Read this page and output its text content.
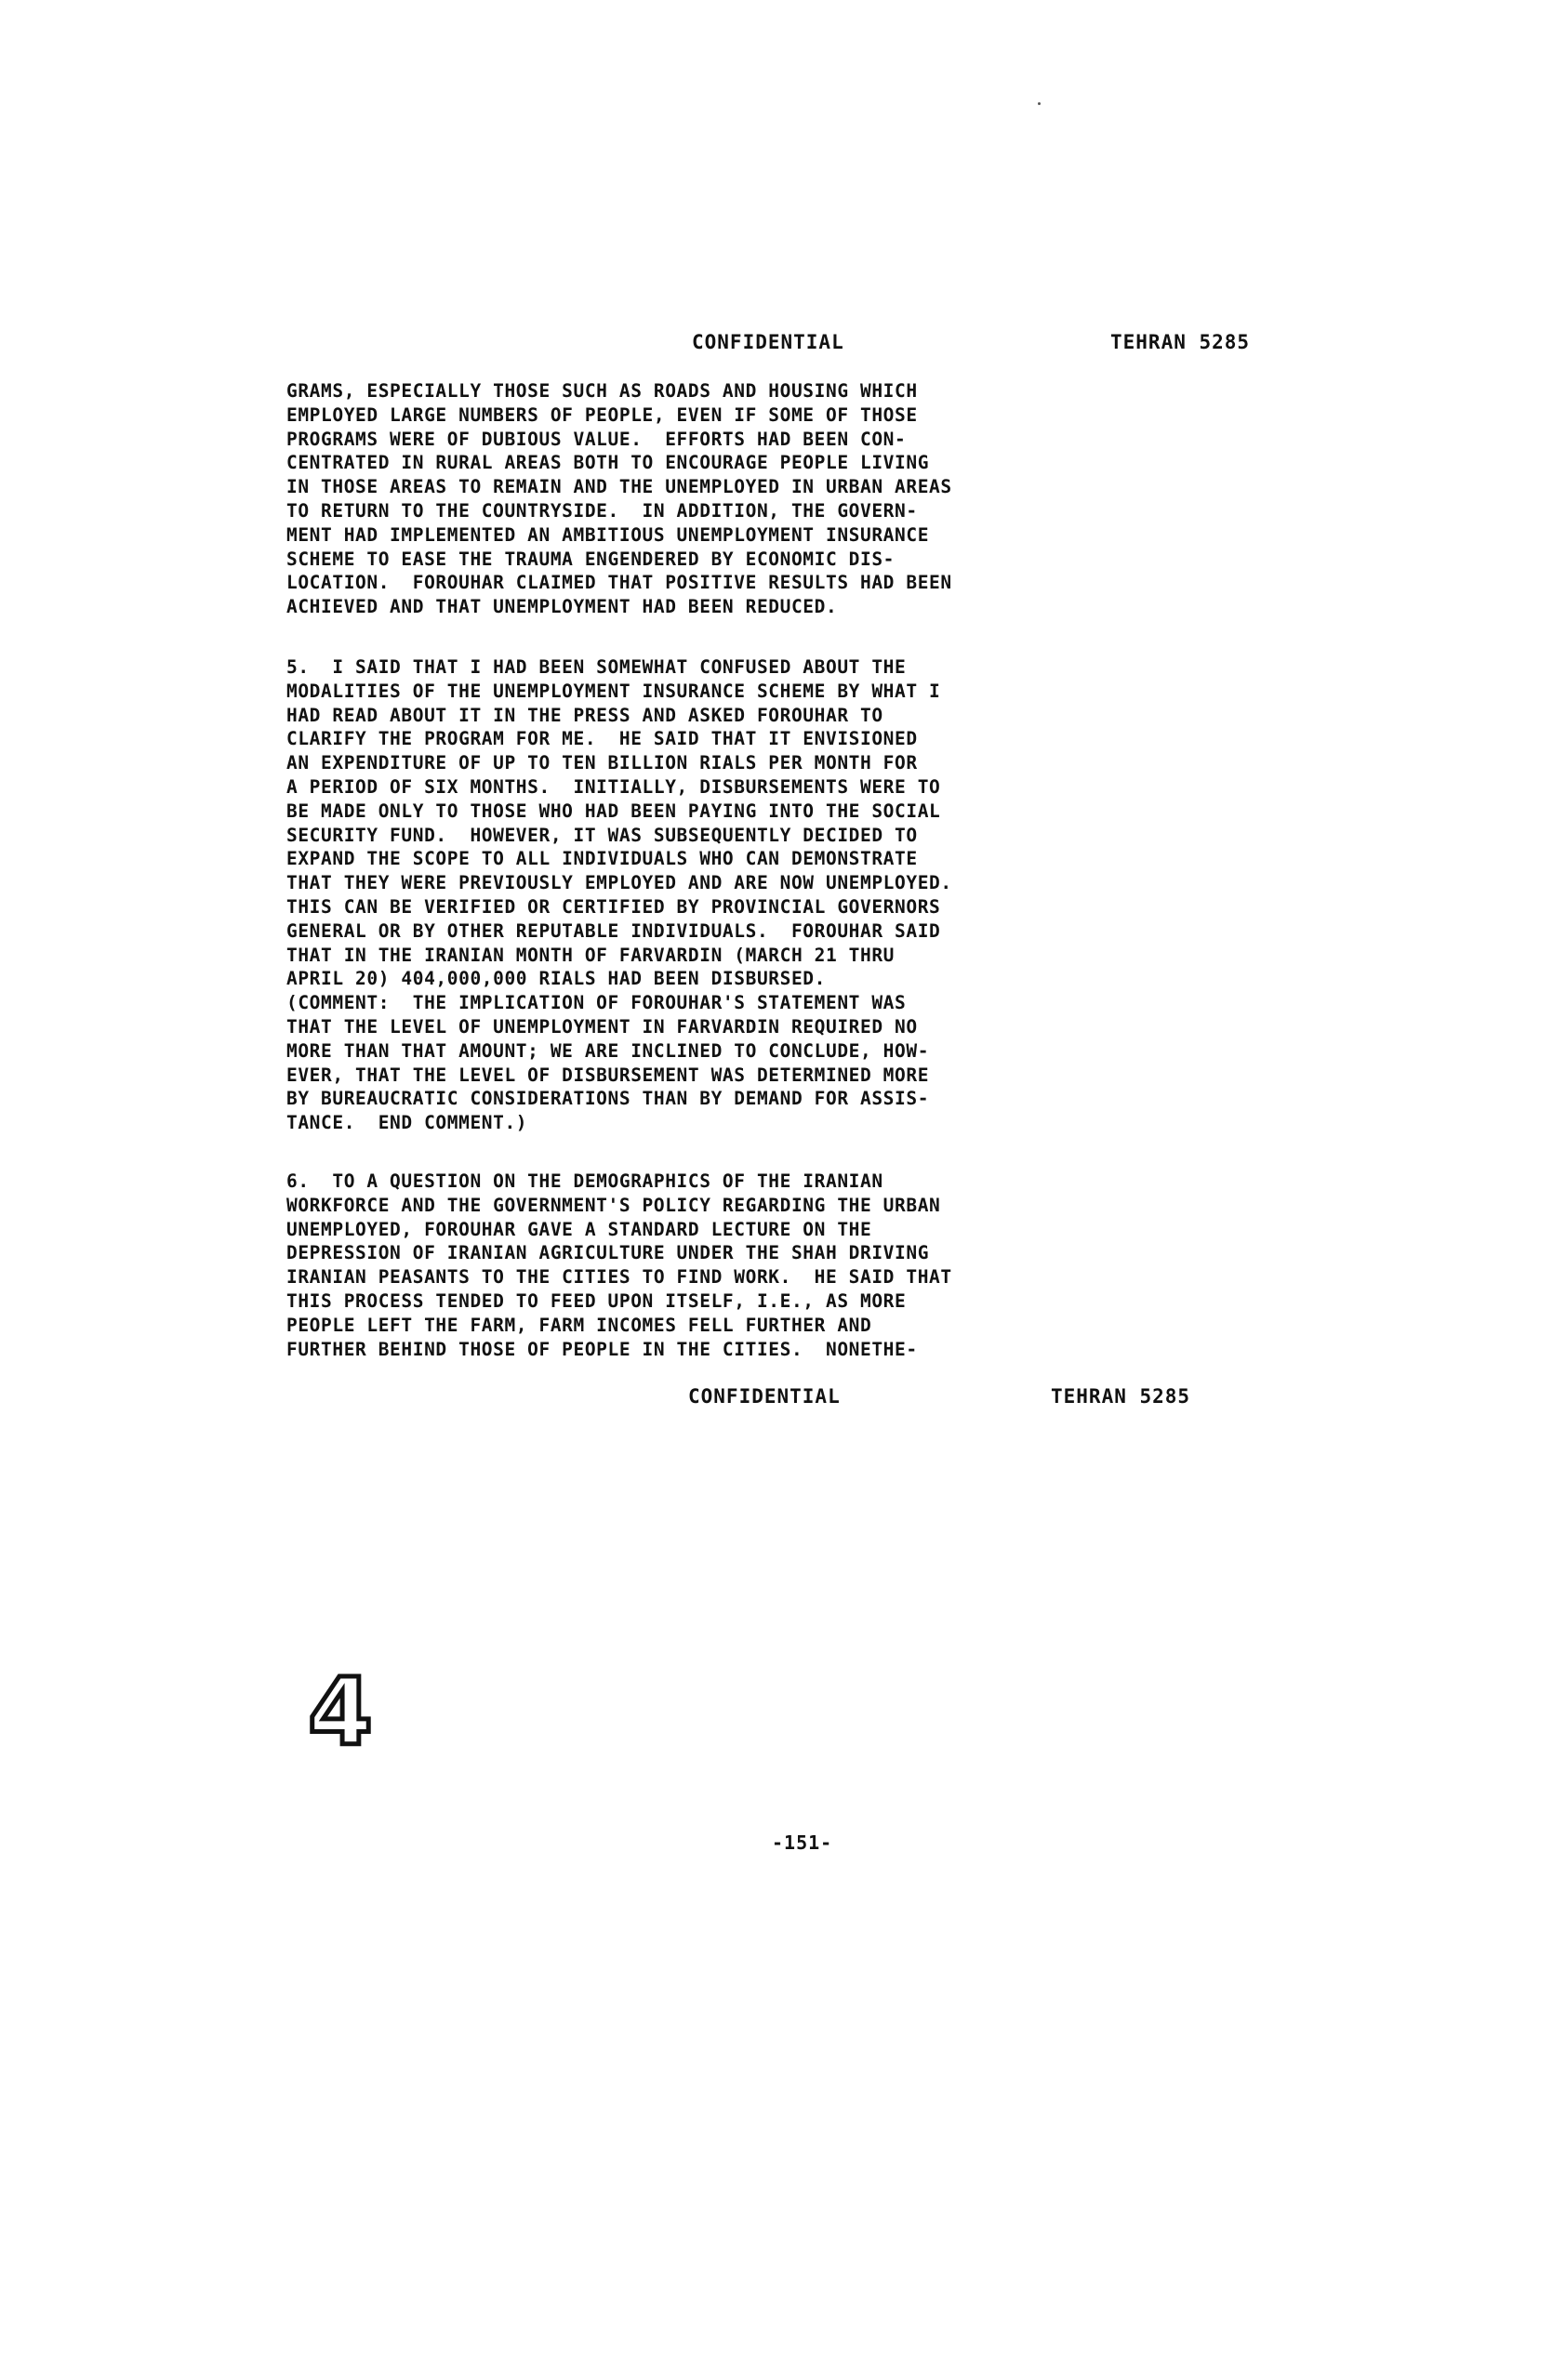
CONFIDENTIAL	TEHRAN 5285
GRAMS, ESPECIALLY THOSE SUCH AS ROADS AND HOUSING WHICH
EMPLOYED LARGE NUMBERS OF PEOPLE, EVEN IF SOME OF THOSE
PROGRAMS WERE OF DUBIOUS VALUE.  EFFORTS HAD BEEN CON-
CENTRATED IN RURAL AREAS BOTH TO ENCOURAGE PEOPLE LIVING
IN THOSE AREAS TO REMAIN AND THE UNEMPLOYED IN URBAN AREAS
TO RETURN TO THE COUNTRYSIDE.  IN ADDITION, THE GOVERN-
MENT HAD IMPLEMENTED AN AMBITIOUS UNEMPLOYMENT INSURANCE
SCHEME TO EASE THE TRAUMA ENGENDERED BY ECONOMIC DIS-
LOCATION.  FOROUHAR CLAIMED THAT POSITIVE RESULTS HAD BEEN
ACHIEVED AND THAT UNEMPLOYMENT HAD BEEN REDUCED.
5.  I SAID THAT I HAD BEEN SOMEWHAT CONFUSED ABOUT THE
MODALITIES OF THE UNEMPLOYMENT INSURANCE SCHEME BY WHAT I
HAD READ ABOUT IT IN THE PRESS AND ASKED FOROUHAR TO
CLARIFY THE PROGRAM FOR ME.  HE SAID THAT IT ENVISIONED
AN EXPENDITURE OF UP TO TEN BILLION RIALS PER MONTH FOR
A PERIOD OF SIX MONTHS.  INITIALLY, DISBURSEMENTS WERE TO
BE MADE ONLY TO THOSE WHO HAD BEEN PAYING INTO THE SOCIAL
SECURITY FUND.  HOWEVER, IT WAS SUBSEQUENTLY DECIDED TO
EXPAND THE SCOPE TO ALL INDIVIDUALS WHO CAN DEMONSTRATE
THAT THEY WERE PREVIOUSLY EMPLOYED AND ARE NOW UNEMPLOYED.
THIS CAN BE VERIFIED OR CERTIFIED BY PROVINCIAL GOVERNORS
GENERAL OR BY OTHER REPUTABLE INDIVIDUALS.  FOROUHAR SAID
THAT IN THE IRANIAN MONTH OF FARVARDIN (MARCH 21 THRU
APRIL 20) 404,000,000 RIALS HAD BEEN DISBURSED.
(COMMENT:  THE IMPLICATION OF FOROUHAR'S STATEMENT WAS
THAT THE LEVEL OF UNEMPLOYMENT IN FARVARDIN REQUIRED NO
MORE THAN THAT AMOUNT; WE ARE INCLINED TO CONCLUDE, HOW-
EVER, THAT THE LEVEL OF DISBURSEMENT WAS DETERMINED MORE
BY BUREAUCRATIC CONSIDERATIONS THAN BY DEMAND FOR ASSIS-
TANCE.  END COMMENT.)
6.  TO A QUESTION ON THE DEMOGRAPHICS OF THE IRANIAN
WORKFORCE AND THE GOVERNMENT'S POLICY REGARDING THE URBAN
UNEMPLOYED, FOROUHAR GAVE A STANDARD LECTURE ON THE
DEPRESSION OF IRANIAN AGRICULTURE UNDER THE SHAH DRIVING
IRANIAN PEASANTS TO THE CITIES TO FIND WORK.  HE SAID THAT
THIS PROCESS TENDED TO FEED UPON ITSELF, I.E., AS MORE
PEOPLE LEFT THE FARM, FARM INCOMES FELL FURTHER AND
FURTHER BEHIND THOSE OF PEOPLE IN THE CITIES.  NONETHE-
CONFIDENTIAL	TEHRAN 5285
4
-151-
